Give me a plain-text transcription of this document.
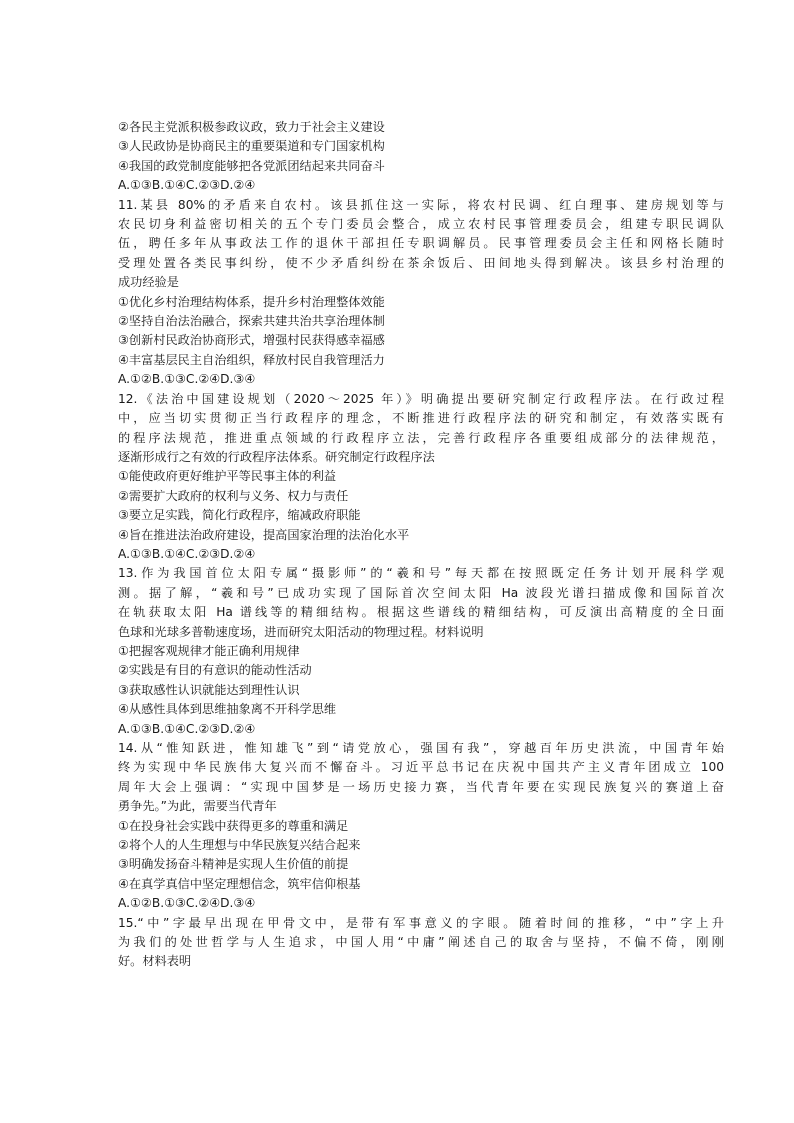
②各民主党派积极参政议政，致力于社会主义建设
③人民政协是协商民主的重要渠道和专门国家机构
④我国的政党制度能够把各党派团结起来共同奋斗
A.①③B.①④C.②③D.②④
11.某县 80%的矛盾来自农村。该县抓住这一实际，将农村民调、红白理事、建房规划等与
农民切身利益密切相关的五个专门委员会整合，成立农村民事管理委员会，组建专职民调队
伍，聘任多年从事政法工作的退休干部担任专职调解员。民事管理委员会主任和网格长随时
受理处置各类民事纠纷，使不少矛盾纠纷在茶余饭后、田间地头得到解决。该县乡村治理的
成功经验是
①优化乡村治理结构体系，提升乡村治理整体效能
②坚持自治法治融合，探索共建共治共享治理体制
③创新村民政治协商形式，增强村民获得感幸福感
④丰富基层民主自治组织，释放村民自我管理活力
A.①②B.①③C.②④D.③④
12.《法治中国建设规划（2020～2025 年）》明确提出要研究制定行政程序法。在行政过程
中，应当切实贯彻正当行政程序的理念，不断推进行政程序法的研究和制定，有效落实既有
的程序法规范，推进重点领域的行政程序立法，完善行政程序各重要组成部分的法律规范，
逐渐形成行之有效的行政程序法体系。研究制定行政程序法
①能使政府更好维护平等民事主体的利益
②需要扩大政府的权利与义务、权力与责任
③要立足实践，简化行政程序，缩减政府职能
④旨在推进法治政府建设，提高国家治理的法治化水平
A.①③B.①④C.②③D.②④
13.作为我国首位太阳专属“摄影师”的“羲和号”每天都在按照既定任务计划开展科学观
测。据了解，“羲和号”已成功实现了国际首次空间太阳 Ha 波段光谱扫描成像和国际首次
在轨获取太阳 Ha 谱线等的精细结构。根据这些谱线的精细结构，可反演出高精度的全日面
色球和光球多普勒速度场，进而研究太阳活动的物理过程。材料说明
①把握客观规律才能正确利用规律
②实践是有目的有意识的能动性活动
③获取感性认识就能达到理性认识
④从感性具体到思维抽象离不开科学思维
A.①③B.①④C.②③D.②④
14.从“惟知跃进，惟知雄飞”到“请党放心，强国有我”，穿越百年历史洪流，中国青年始
终为实现中华民族伟大复兴而不懈奋斗。习近平总书记在庆祝中国共产主义青年团成立 100
周年大会上强调：“实现中国梦是一场历史接力赛，当代青年要在实现民族复兴的赛道上奋
勇争先。”为此，需要当代青年
①在投身社会实践中获得更多的尊重和满足
②将个人的人生理想与中华民族复兴结合起来
③明确发扬奋斗精神是实现人生价值的前提
④在真学真信中坚定理想信念，筑牢信仰根基
A.①②B.①③C.②④D.③④
15.“中”字最早出现在甲骨文中，是带有军事意义的字眼。随着时间的推移，“中”字上升
为我们的处世哲学与人生追求，中国人用“中庸”阐述自己的取舍与坚持，不偏不倚，刚刚
好。材料表明
